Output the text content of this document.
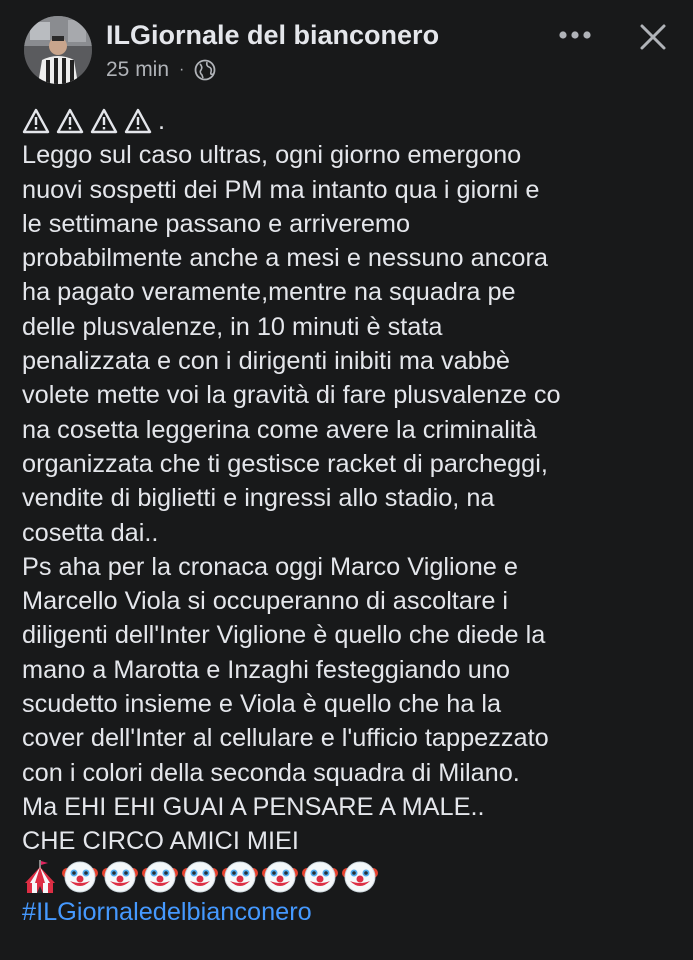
ILGiornale del bianconero
25 min ·
.
Leggo sul caso ultras, ogni giorno emergono
nuovi sospetti dei PM ma intanto qua i giorni e
le settimane passano e arriveremo
probabilmente anche a mesi e nessuno ancora
ha pagato veramente,mentre na squadra pe
delle plusvalenze, in 10 minuti è stata
penalizzata e con i dirigenti inibiti ma vabbè
volete mette voi la gravità di fare plusvalenze co
na cosetta leggerina come avere la criminalità
organizzata che ti gestisce racket di parcheggi,
vendite di biglietti e ingressi allo stadio, na
cosetta dai..
Ps aha per la cronaca oggi Marco Viglione e
Marcello Viola si occuperanno di ascoltare i
diligenti dell'Inter Viglione è quello che diede la
mano a Marotta e Inzaghi festeggiando uno
scudetto insieme e Viola è quello che ha la
cover dell'Inter al cellulare e l'ufficio tappezzato
con i colori della seconda squadra di Milano.
Ma EHI EHI GUAI A PENSARE A MALE..
CHE CIRCO AMICI MIEI
#ILGiornaledelbianconero
